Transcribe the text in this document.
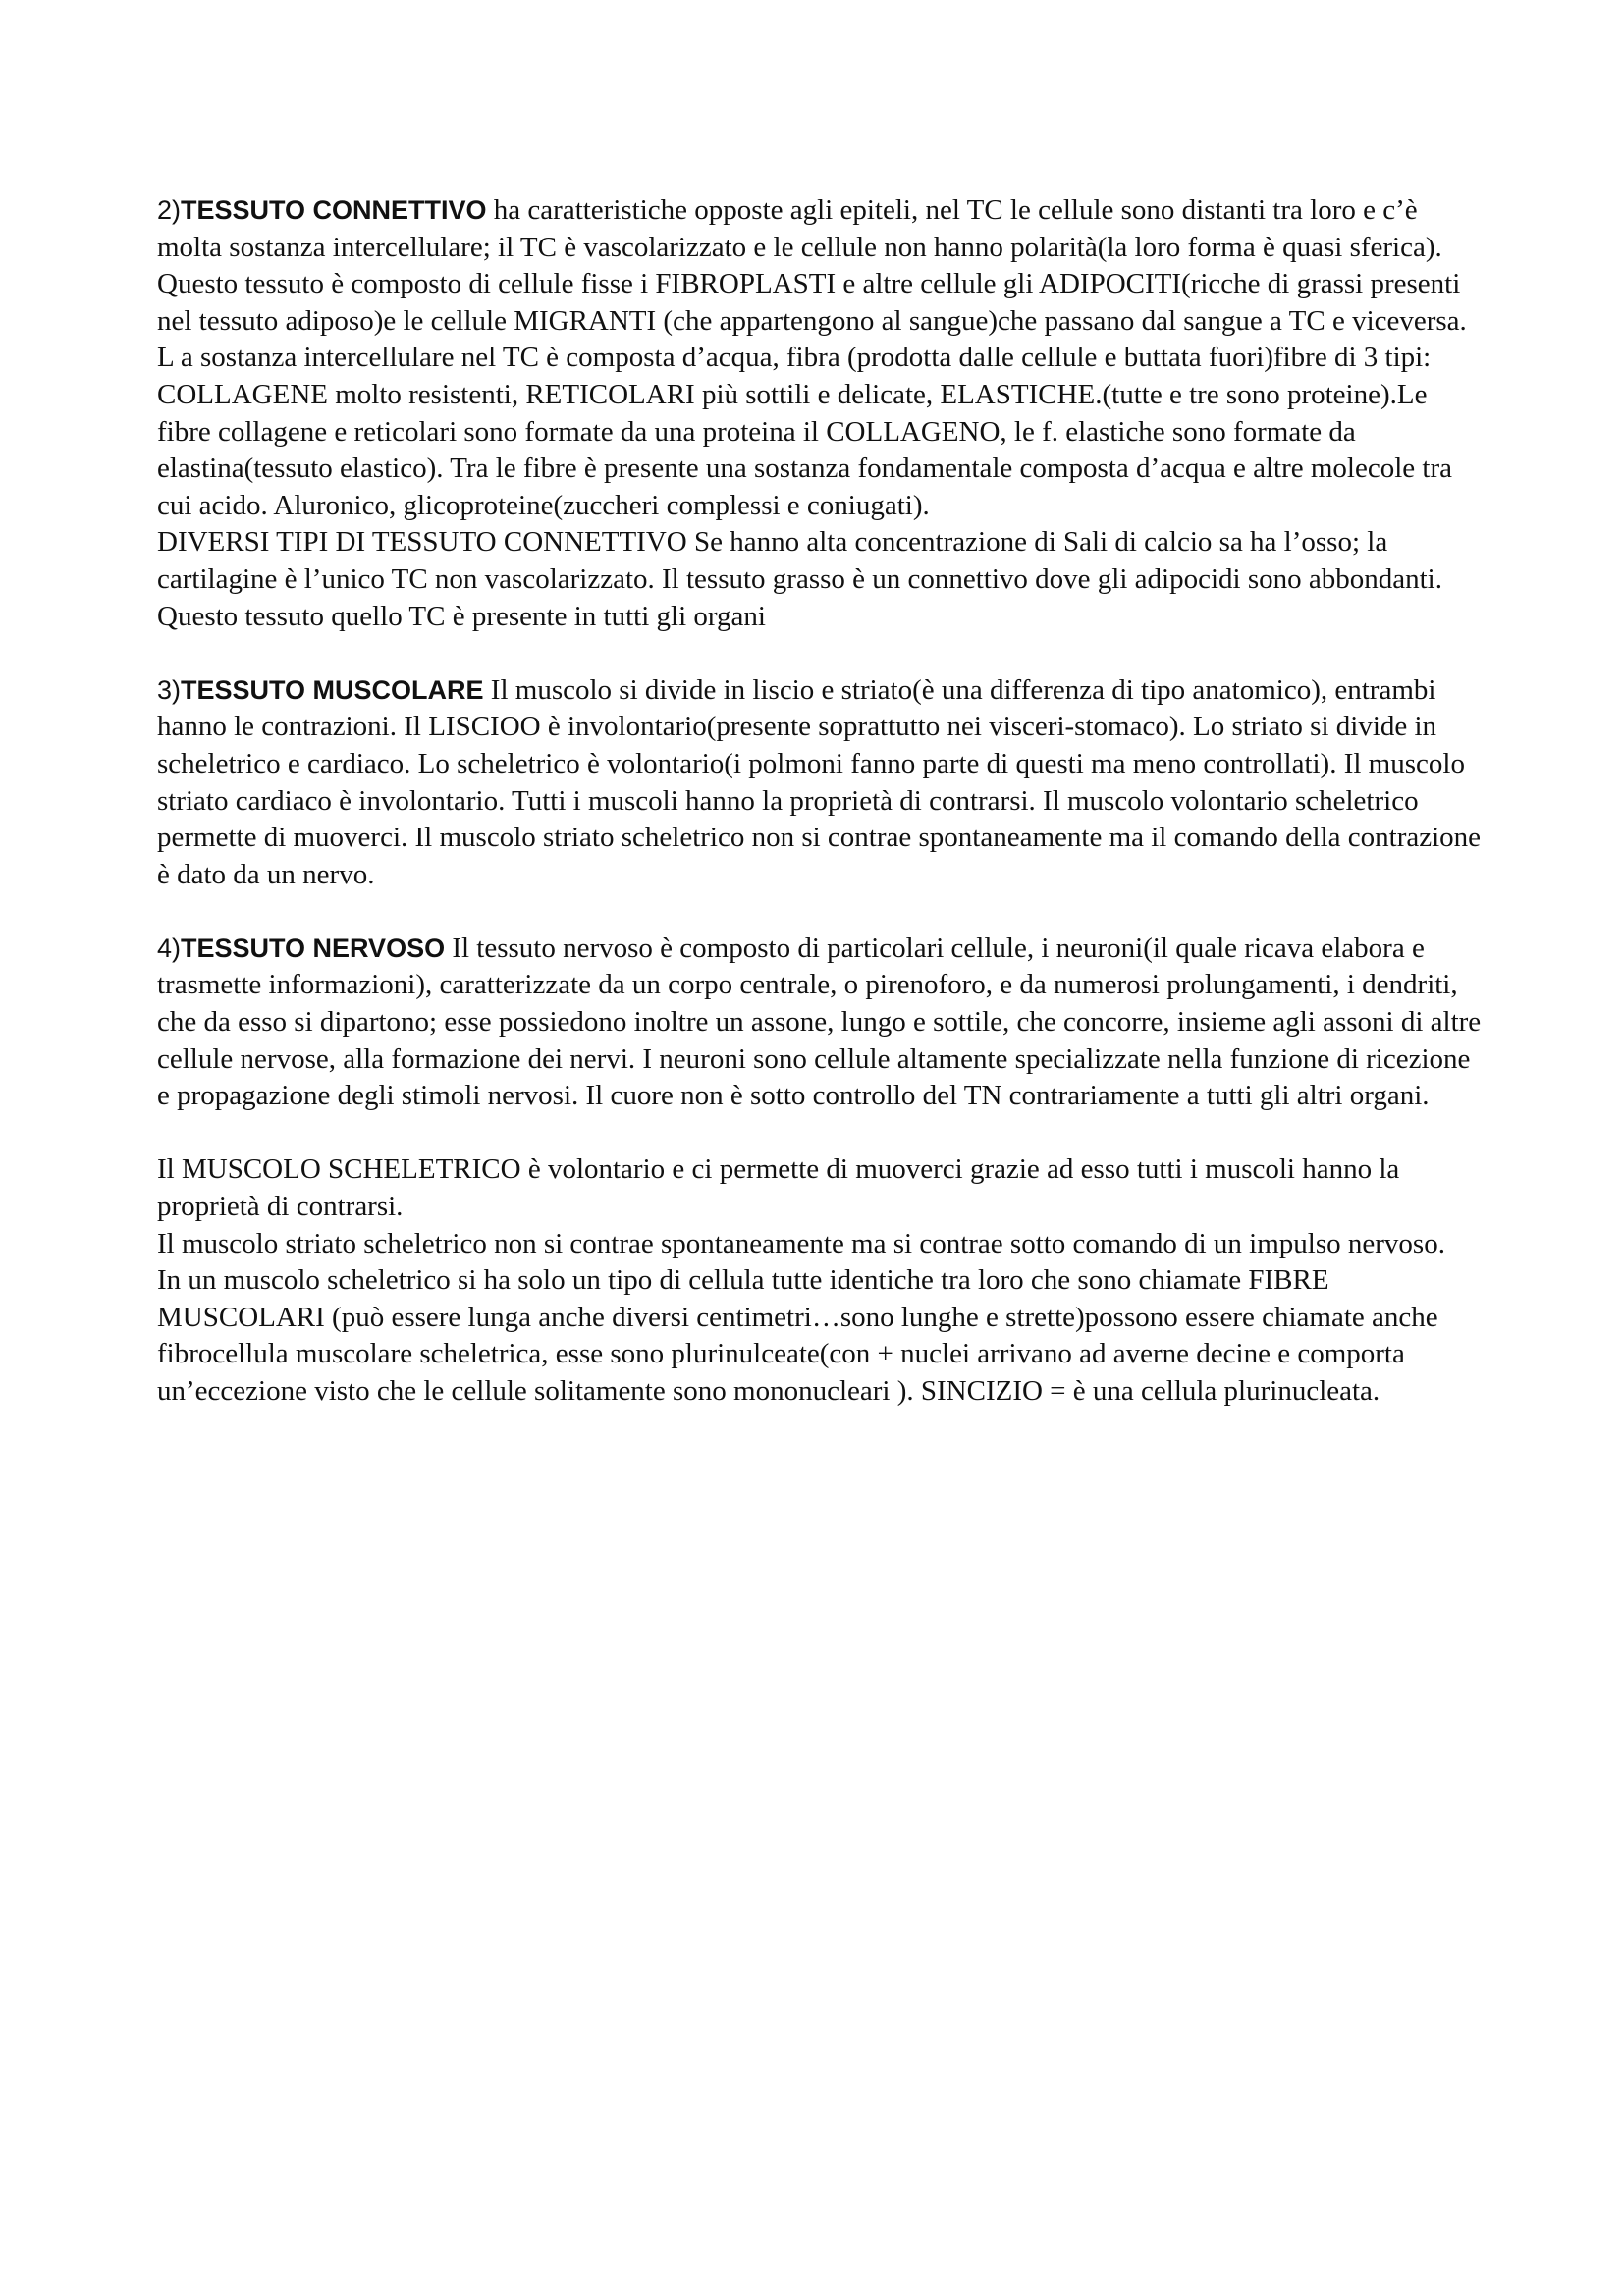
2)TESSUTO CONNETTIVO ha caratteristiche opposte agli epiteli, nel TC le cellule sono distanti tra loro e c’è molta sostanza intercellulare; il TC è vascolarizzato e le cellule non hanno polarità(la loro forma è quasi sferica). Questo tessuto è composto di cellule fisse i FIBROPLASTI e altre cellule gli ADIPOCITI(ricche di grassi presenti nel tessuto adiposo)e le cellule MIGRANTI (che appartengono al sangue)che passano dal sangue a TC e viceversa. L a sostanza intercellulare nel TC è composta d’acqua, fibra (prodotta dalle cellule e buttata fuori)fibre di 3 tipi: COLLAGENE molto resistenti, RETICOLARI più sottili e delicate, ELASTICHE.(tutte e tre sono proteine).Le fibre collagene e reticolari sono formate da una proteina il COLLAGENO, le f. elastiche sono formate da elastina(tessuto elastico). Tra le fibre è presente una sostanza fondamentale composta d’acqua e altre molecole tra cui acido. Aluronico, glicoproteine(zuccheri complessi e coniugati).

DIVERSI TIPI DI TESSUTO CONNETTIVO Se hanno alta concentrazione di Sali di calcio sa ha l’osso; la cartilagine è l’unico TC non vascolarizzato. Il tessuto grasso è un connettivo dove gli adipocidi sono abbondanti. Questo tessuto quello TC è presente in tutti gli organi

3)TESSUTO MUSCOLARE Il muscolo si divide in liscio e striato(è una differenza di tipo anatomico), entrambi hanno le contrazioni. Il LISCIOO è involontario(presente soprattutto nei visceri-stomaco). Lo striato si divide in scheletrico e cardiaco. Lo scheletrico è volontario(i polmoni fanno parte di questi ma meno controllati). Il muscolo striato cardiaco è involontario. Tutti i muscoli hanno la proprietà di contrarsi. Il muscolo volontario scheletrico permette di muoverci. Il muscolo striato scheletrico non si contrae spontaneamente ma il comando della contrazione è dato da un nervo.

4)TESSUTO NERVOSO Il tessuto nervoso è composto di particolari cellule, i neuroni(il quale ricava elabora e trasmette informazioni), caratterizzate da un corpo centrale, o pirenoforo, e da numerosi prolungamenti, i dendriti, che da esso si dipartono; esse possiedono inoltre un assone, lungo e sottile, che concorre, insieme agli assoni di altre cellule nervose, alla formazione dei nervi. I neuroni sono cellule altamente specializzate nella funzione di ricezione e propagazione degli stimoli nervosi. Il cuore non è sotto controllo del TN contrariamente a tutti gli altri organi.

Il MUSCOLO SCHELETRICO è volontario e ci permette di muoverci grazie ad esso tutti i muscoli hanno la proprietà di contrarsi.

Il muscolo striato scheletrico non si contrae spontaneamente ma si contrae sotto comando di un impulso nervoso.

In un muscolo scheletrico si ha solo un tipo di cellula tutte identiche tra loro che sono chiamate FIBRE MUSCOLARI (può essere lunga anche diversi centimetri…sono lunghe e strette)possono essere chiamate anche fibrocellula muscolare scheletrica, esse sono plurinulceate(con + nuclei arrivano ad averne decine e comporta un’eccezione visto che le cellule solitamente sono mononucleari ). SINCIZIO = è una cellula plurinucleata.
